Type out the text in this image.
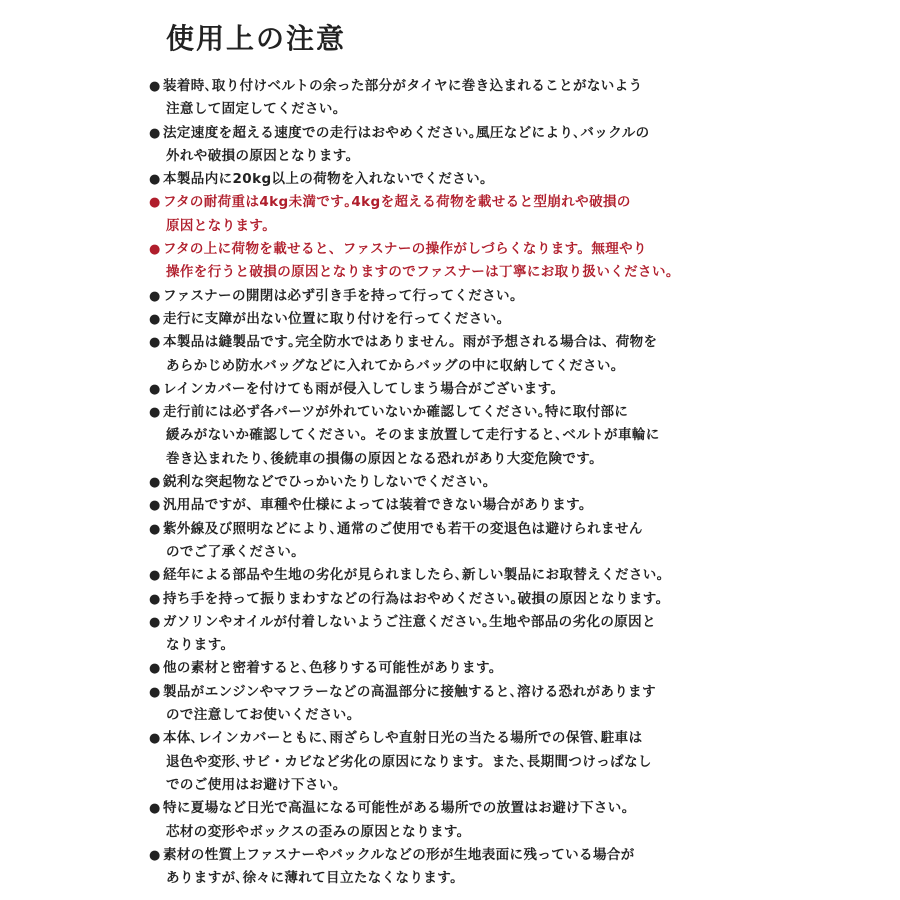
使用上の注意
● 装着時､取り付けベルトの余った部分がタイヤに巻き込まれることがないよう
注意して固定してください。
● 法定速度を超える速度での走行はおやめください｡風圧などにより､バックルの
外れや破損の原因となります。
● 本製品内に20kg以上の荷物を入れないでください。
● フタの耐荷重は4kg未満です｡4kgを超える荷物を載せると型崩れや破損の
原因となります。
● フタの上に荷物を載せると、ファスナーの操作がしづらくなります。無理やり
操作を行うと破損の原因となりますのでファスナーは丁寧にお取り扱いください。
● ファスナーの開閉は必ず引き手を持って行ってください。
● 走行に支障が出ない位置に取り付けを行ってください。
● 本製品は縫製品です｡完全防水ではありません。雨が予想される場合は、荷物を
あらかじめ防水バッグなどに入れてからバッグの中に収納してください。
● レインカバーを付けても雨が侵入してしまう場合がございます。
● 走行前には必ず各パーツが外れていないか確認してください｡特に取付部に
緩みがないか確認してください。そのまま放置して走行すると､ベルトが車輪に
巻き込まれたり､後続車の損傷の原因となる恐れがあり大変危険です。
● 鋭利な突起物などでひっかいたりしないでください。
● 汎用品ですが、車種や仕様によっては装着できない場合があります。
● 紫外線及び照明などにより､通常のご使用でも若干の変退色は避けられません
のでご了承ください。
● 経年による部品や生地の劣化が見られましたら､新しい製品にお取替えください。
● 持ち手を持って振りまわすなどの行為はおやめください｡破損の原因となります。
● ガソリンやオイルが付着しないようご注意ください｡生地や部品の劣化の原因と
なります。
● 他の素材と密着すると､色移りする可能性があります。
● 製品がエンジンやマフラーなどの高温部分に接触すると､溶ける恐れがあります
ので注意してお使いください。
● 本体､レインカバーともに､雨ざらしや直射日光の当たる場所での保管､駐車は
退色や変形､サビ・カビなど劣化の原因になります。また､長期間つけっぱなし
でのご使用はお避け下さい。
● 特に夏場など日光で高温になる可能性がある場所での放置はお避け下さい。
芯材の変形やボックスの歪みの原因となります。
● 素材の性質上ファスナーやバックルなどの形が生地表面に残っている場合が
ありますが､徐々に薄れて目立たなくなります。
